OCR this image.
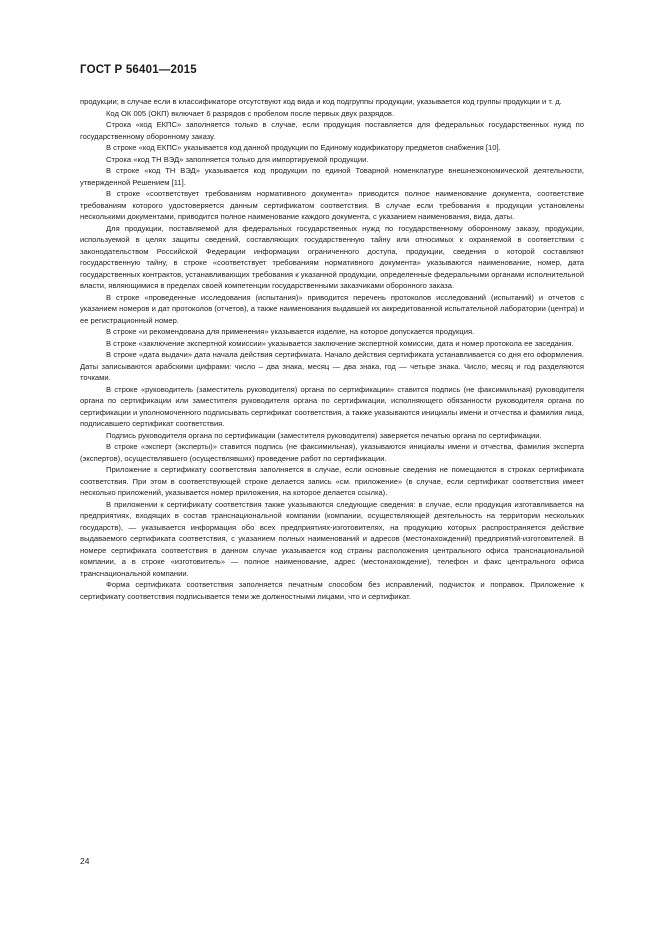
ГОСТ Р 56401—2015

продукции; в случае если в классификаторе отсутствуют код вида и код подгруппы продукции, указывается код группы продукции и т. д.

Код ОК 005 (ОКП) включает 6 разрядов с пробелом после первых двух разрядов.

Строка «код ЕКПС» заполняется только в случае, если продукция поставляется для федеральных государственных нужд по государственному оборонному заказу.

В строке «код ЕКПС» указывается код данной продукции по Единому кодификатору предметов снабжения [10].

Строка «код ТН ВЭД» заполняется только для импортируемой продукции.

В строке «код ТН ВЭД» указывается код продукции по единой Товарной номенклатуре внешнеэкономической деятельности, утвержденной Решением [11].

В строке «соответствует требованиям нормативного документа» приводится полное наименование документа, соответствие требованиям которого удостоверяется данным сертификатом соответствия. В случае если требования к продукции установлены несколькими документами, приводится полное наименование каждого документа, с указанием наименования, вида, даты.

Для продукции, поставляемой для федеральных государственных нужд по государственному оборонному заказу, продукции, используемой в целях защиты сведений, составляющих государственную тайну или относимых к охраняемой в соответствии с законодательством Российской Федерации информации ограниченного доступа, продукции, сведения о которой составляют государственную тайну, в строке «соответствует требованиям нормативного документа» указываются наименование, номер, дата государственных контрактов, устанавливающих требования к указанной продукции, определенные федеральными органами исполнительной власти, являющимися в пределах своей компетенции государственными заказчиками оборонного заказа.

В строке «проведенные исследования (испытания)» приводится перечень протоколов исследований (испытаний) и отчетов с указанием номеров и дат протоколов (отчетов), а также наименования выдавшей их аккредитованной испытательной лаборатории (центра) и ее регистрационный номер.

В строке «и рекомендована для применения» указывается изделие, на которое допускается продукция.

В строке «заключение экспертной комиссии» указывается заключение экспертной комиссии, дата и номер протокола ее заседания.

В строке «дата выдачи» дата начала действия сертификата. Начало действия сертификата устанавливается со дня его оформления. Даты записываются арабскими цифрами: число – два знака, месяц — два знака, год — четыре знака. Число, месяц и год разделяются точками.

В строке «руководитель (заместитель руководителя) органа по сертификации» ставится подпись (не факсимильная) руководителя органа по сертификации или заместителя руководителя органа по сертификации, исполняющего обязанности руководителя органа по сертификации и уполномоченного подписывать сертификат соответствия, а также указываются инициалы имени и отчества и фамилия лица, подписавшего сертификат соответствия.

Подпись руководителя органа по сертификации (заместителя руководителя) заверяется печатью органа по сертификации.

В строке «эксперт (эксперты)» ставится подпись (не факсимильная), указываются инициалы имени и отчества, фамилия эксперта (экспертов), осуществлявшего (осуществлявших) проведение работ по сертификации.

Приложение к сертификату соответствия заполняется в случае, если основные сведения не помещаются в строках сертификата соответствия. При этом в соответствующей строке делается запись «см. приложение» (в случае, если сертификат соответствия имеет несколько приложений, указывается номер приложения, на которое делается ссылка).

В приложении к сертификату соответствия также указываются следующие сведения: в случае, если продукция изготавливается на предприятиях, входящих в состав транснациональной компании (компании, осуществляющей деятельность на территории нескольких государств), — указывается информация обо всех предприятиях-изготовителях, на продукцию которых распространяется действие выдаваемого сертификата соответствия, с указанием полных наименований и адресов (местонахождений) предприятий-изготовителей. В номере сертификата соответствия в данном случае указывается код страны расположения центрального офиса транснациональной компании, а в строке «изготовитель» — полное наименование, адрес (местонахождение), телефон и факс центрального офиса транснациональной компании.

Форма сертификата соответствия заполняется печатным способом без исправлений, подчисток и поправок. Приложение к сертификату соответствия подписывается теми же должностными лицами, что и сертификат.

24
